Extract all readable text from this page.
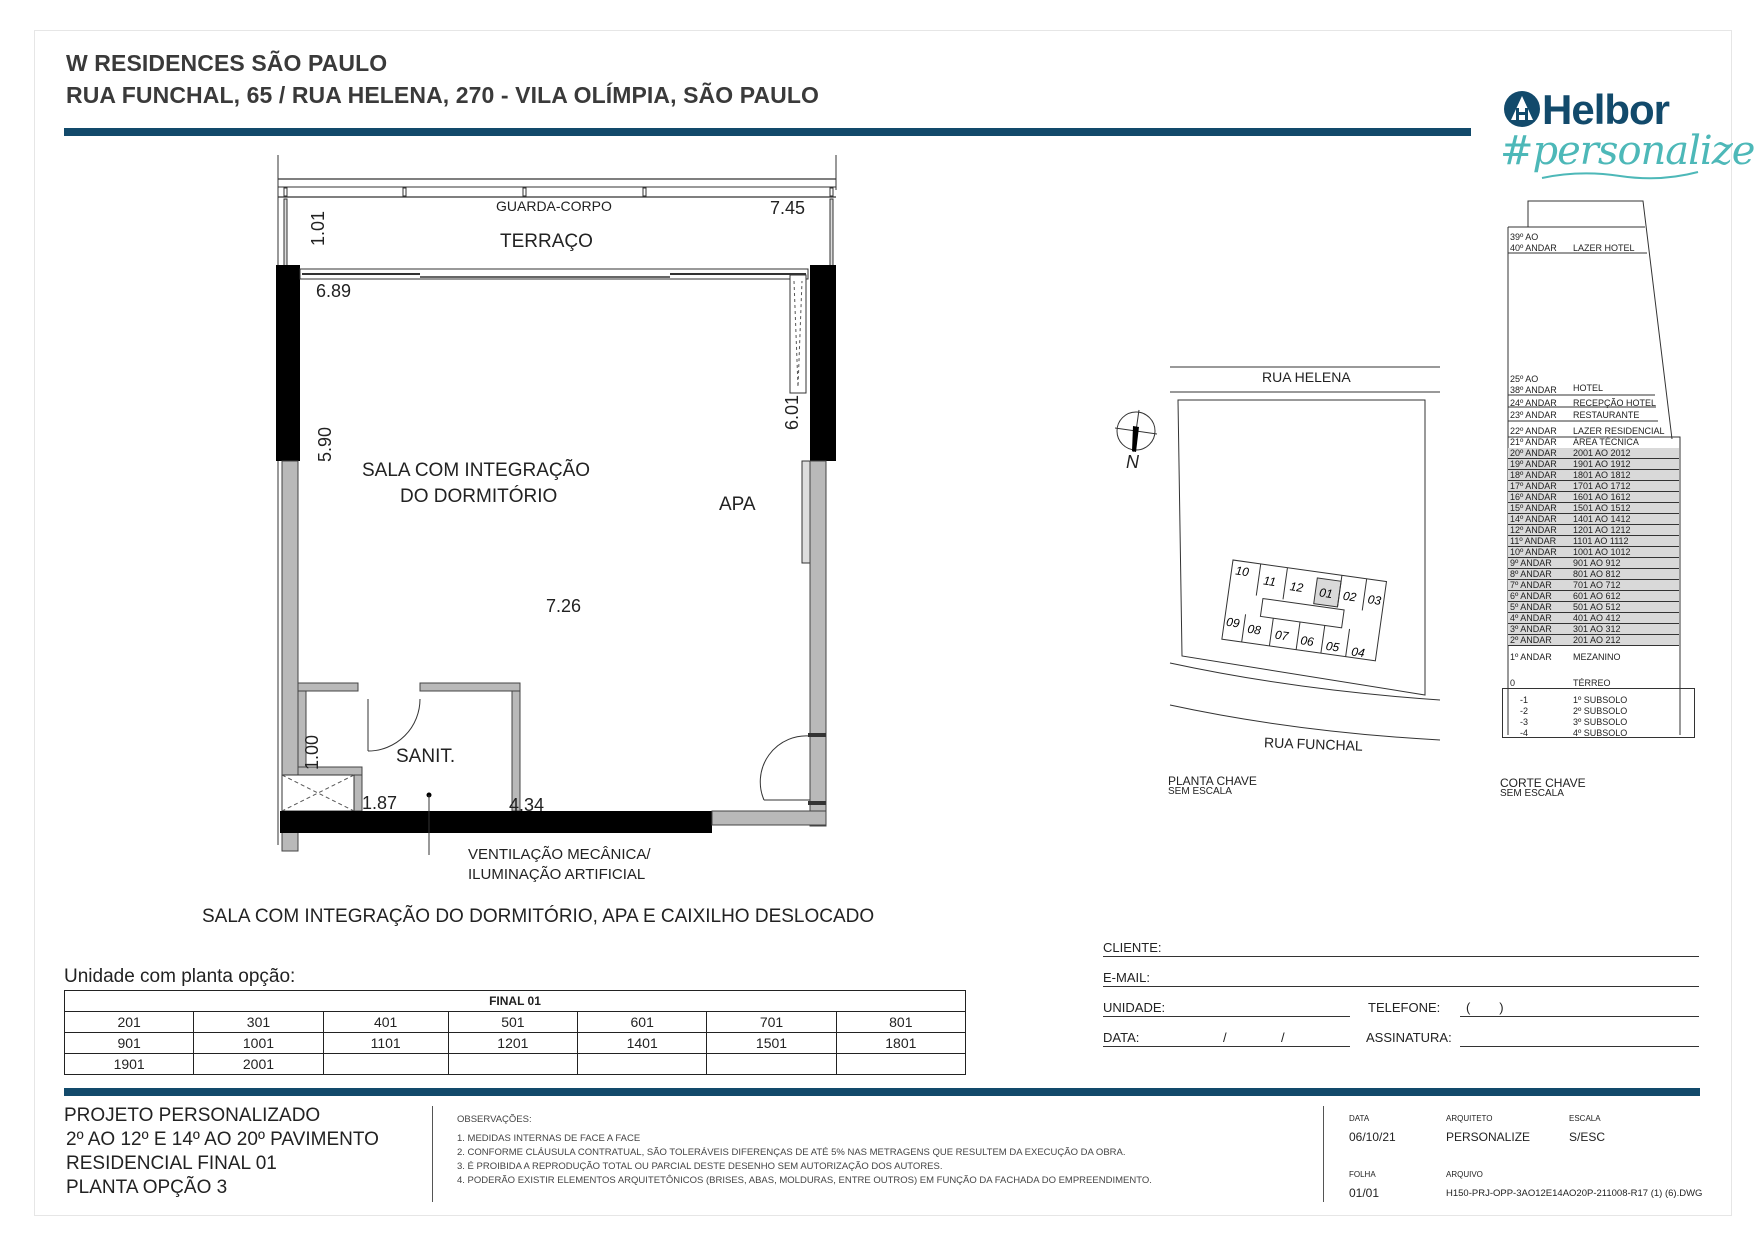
W RESIDENCES SÃO PAULO
RUA FUNCHAL, 65 / RUA HELENA, 270 - VILA OLÍMPIA, SÃO PAULO	Helbor
#personalize
GUARDA-CORPO
TERRAÇO
7.45
1.01
6.89
5.90
6.01
SALA COM INTEGRAÇÃO
DO DORMITÓRIO	APA
7.26
SANIT.
1.00
1.87	4.34
VENTILAÇÃO MECÂNICA/
ILUMINAÇÃO ARTIFICIAL
SALA COM INTEGRAÇÃO DO DORMITÓRIO, APA E CAIXILHO DESLOCADO
Unidade com planta opção:
FINAL 01						
201	301	401	501	601	701	801
901	1001	1101	1201	1401	1501	1801
1901	2001					
10
11 12 01 02 03
09 08 07 06 05 04
RUA HELENA
N
RUA FUNCHAL
PLANTA CHAVE
SEM ESCALA
39º AO
40º ANDAR LAZER HOTEL
25º AO
38º ANDAR HOTEL
24º ANDAR RECEPÇÃO HOTEL
23º ANDAR RESTAURANTE
22º ANDAR LAZER RESIDENCIAL
21º ANDAR ÁREA TÉCNICA
20º ANDAR 2001 AO 2012
19º ANDAR 1901 AO 1912
18º ANDAR 1801 AO 1812
17º ANDAR 1701 AO 1712
16º ANDAR 1601 AO 1612
15º ANDAR 1501 AO 1512
14º ANDAR 1401 AO 1412
12º ANDAR 1201 AO 1212
11º ANDAR 1101 AO 1112
10º ANDAR 1001 AO 1012
9º ANDAR 901 AO 912
8º ANDAR 801 AO 812
7º ANDAR 701 AO 712
6º ANDAR 601 AO 612
5º ANDAR 501 AO 512
4º ANDAR 401 AO 412
3º ANDAR 301 AO 312
2º ANDAR 201 AO 212
1º ANDAR MEZANINO
0	TÉRREO
-1	1º SUBSOLO
-2	2º SUBSOLO
-3	3º SUBSOLO
-4	4º SUBSOLO
CORTE CHAVE
SEM ESCALA
CLIENTE:
E-MAIL:
UNIDADE:	TELEFONE: (        )
DATA:	/	/	ASSINATURA:
PROJETO PERSONALIZADO
2º AO 12º E 14º AO 20º PAVIMENTO
RESIDENCIAL FINAL 01
PLANTA OPÇÃO 3
OBSERVAÇÕES:
1. MEDIDAS INTERNAS DE FACE A FACE
2. CONFORME CLÁUSULA CONTRATUAL, SÃO TOLERÁVEIS DIFERENÇAS DE ATÉ 5% NAS METRAGENS QUE RESULTEM DA EXECUÇÃO DA OBRA.
3. É PROIBIDA A REPRODUÇÃO TOTAL OU PARCIAL DESTE DESENHO SEM AUTORIZAÇÃO DOS AUTORES.
4. PODERÃO EXISTIR ELEMENTOS ARQUITETÔNICOS (BRISES, ABAS, MOLDURAS, ENTRE OUTROS) EM FUNÇÃO DA FACHADA DO EMPREENDIMENTO.
DATA
06/10/21
ARQUITETO
PERSONALIZE
ESCALA
S/ESC
FOLHA
01/01
ARQUIVO
H150-PRJ-OPP-3AO12E14AO20P-211008-R17 (1) (6).DWG
